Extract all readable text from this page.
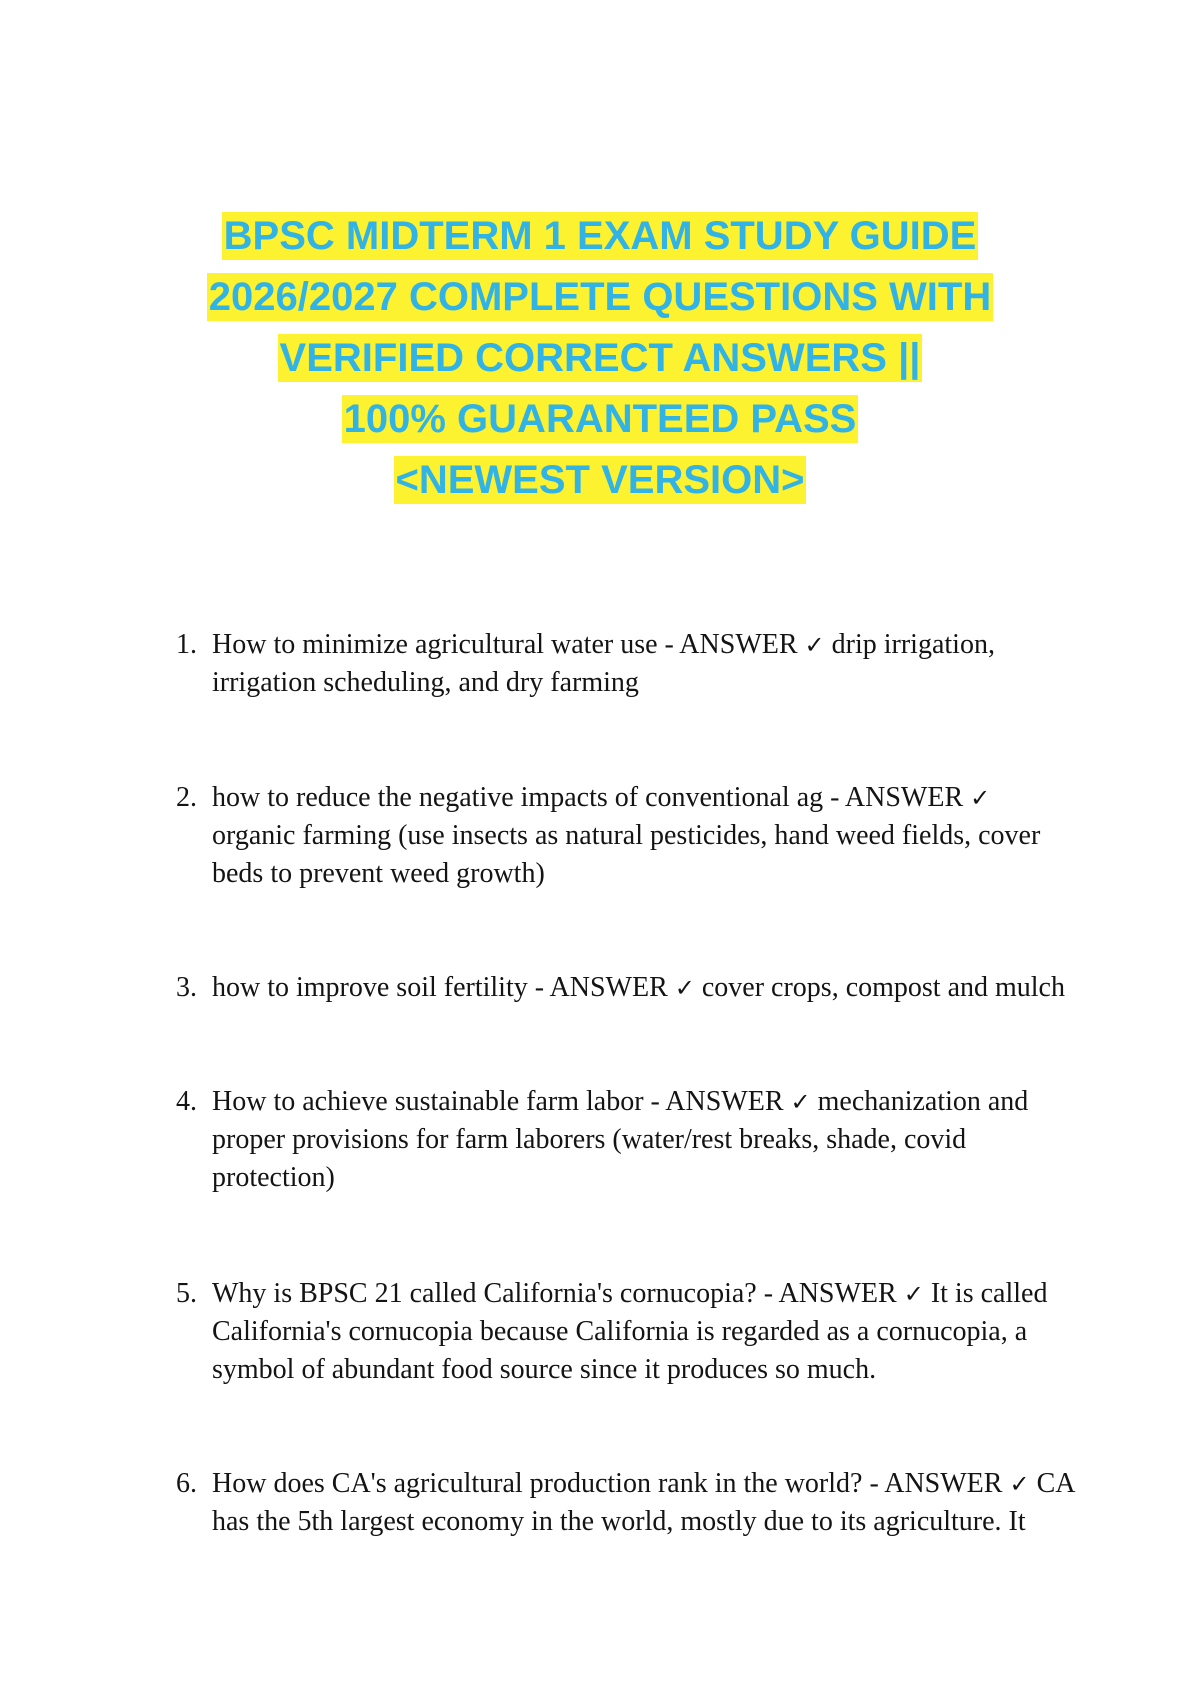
BPSC MIDTERM 1 EXAM STUDY GUIDE
2026/2027 COMPLETE QUESTIONS WITH
VERIFIED CORRECT ANSWERS ||
100% GUARANTEED PASS
<NEWEST VERSION>
1. How to minimize agricultural water use - ANSWER ✓ drip irrigation, irrigation scheduling, and dry farming
2. how to reduce the negative impacts of conventional ag - ANSWER ✓ organic farming (use insects as natural pesticides, hand weed fields, cover beds to prevent weed growth)
3. how to improve soil fertility - ANSWER ✓ cover crops, compost and mulch
4. How to achieve sustainable farm labor - ANSWER ✓ mechanization and proper provisions for farm laborers (water/rest breaks, shade, covid protection)
5. Why is BPSC 21 called California's cornucopia? - ANSWER ✓ It is called California's cornucopia because California is regarded as a cornucopia, a symbol of abundant food source since it produces so much.
6. How does CA's agricultural production rank in the world? - ANSWER ✓ CA has the 5th largest economy in the world, mostly due to its agriculture. It
